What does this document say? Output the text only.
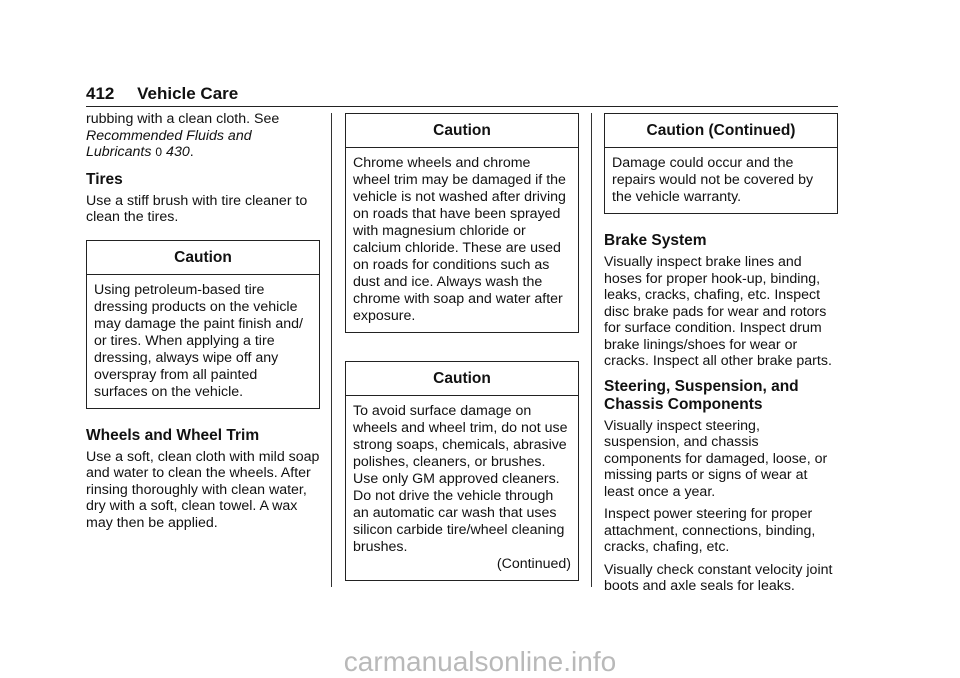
412 Vehicle Care

rubbing with a clean cloth. See
Recommended Fluids and
Lubricants 0 430.

Tires

Use a stiff brush with tire cleaner to clean the tires.

Caution
Using petroleum-based tire dressing products on the vehicle may damage the paint finish and/ or tires. When applying a tire dressing, always wipe off any overspray from all painted surfaces on the vehicle.
Wheels and Wheel Trim

Use a soft, clean cloth with mild soap and water to clean the wheels. After rinsing thoroughly with clean water, dry with a soft, clean towel. A wax may then be applied.

Caution
Chrome wheels and chrome wheel trim may be damaged if the vehicle is not washed after driving on roads that have been sprayed with magnesium chloride or calcium chloride. These are used on roads for conditions such as dust and ice. Always wash the chrome with soap and water after exposure.
Caution
To avoid surface damage on wheels and wheel trim, do not use strong soaps, chemicals, abrasive polishes, cleaners, or brushes. Use only GM approved cleaners. Do not drive the vehicle through an automatic car wash that uses silicon carbide tire/wheel cleaning brushes.
(Continued)
Caution (Continued)
Damage could occur and the repairs would not be covered by the vehicle warranty.
Brake System

Visually inspect brake lines and hoses for proper hook-up, binding, leaks, cracks, chafing, etc. Inspect disc brake pads for wear and rotors for surface condition. Inspect drum brake linings/shoes for wear or cracks. Inspect all other brake parts.

Steering, Suspension, and Chassis Components

Visually inspect steering, suspension, and chassis components for damaged, loose, or missing parts or signs of wear at least once a year.

Inspect power steering for proper attachment, connections, binding, cracks, chafing, etc.

Visually check constant velocity joint boots and axle seals for leaks.

carmanualsonline.info
